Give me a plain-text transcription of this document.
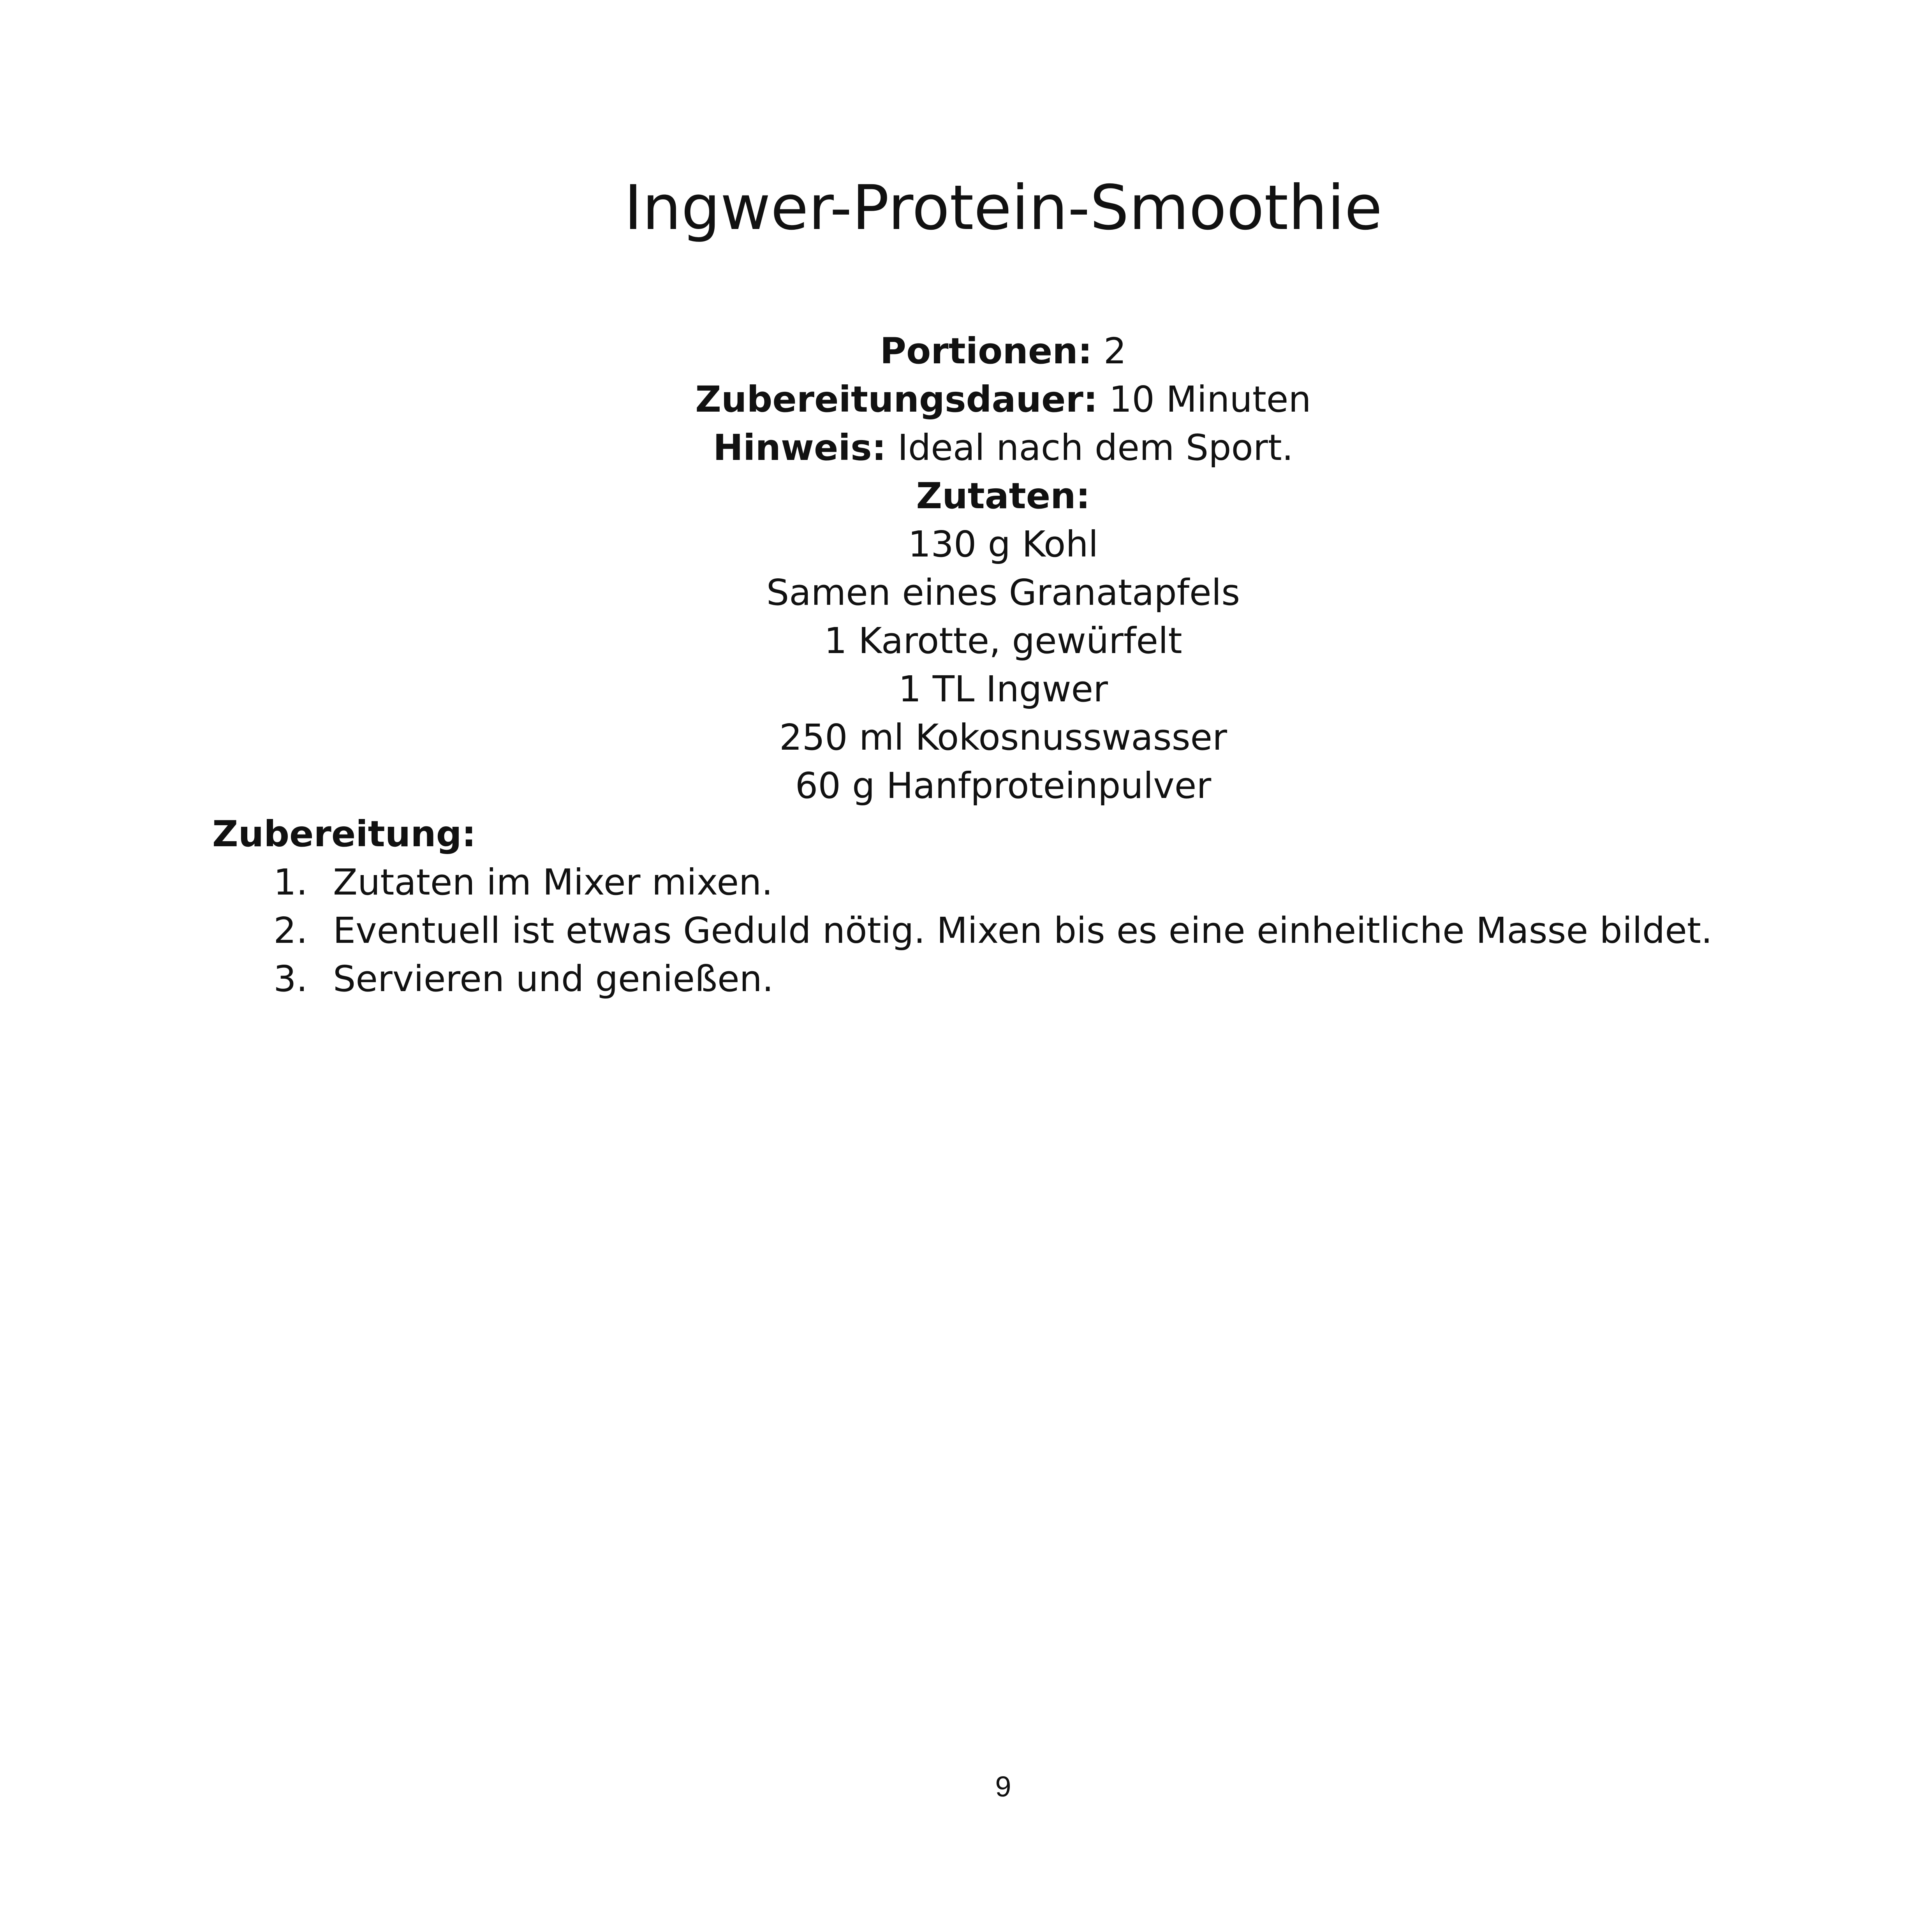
Ingwer-Protein-Smoothie
Portionen: 2
Zubereitungsdauer: 10 Minuten
Hinweis: Ideal nach dem Sport.
Zutaten:
130 g Kohl
Samen eines Granatapfels
1 Karotte, gewürfelt
1 TL Ingwer
250 ml Kokosnusswasser
60 g Hanfproteinpulver
Zubereitung:
1. Zutaten im Mixer mixen.
2. Eventuell ist etwas Geduld nötig. Mixen bis es eine einheitliche Masse bildet.
3. Servieren und genießen.
9
